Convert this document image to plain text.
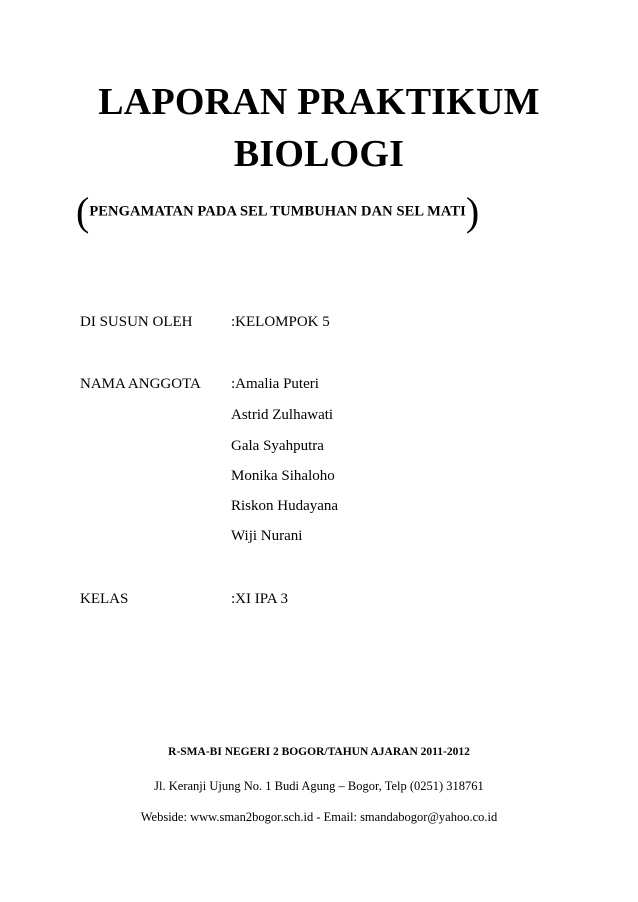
LAPORAN PRAKTIKUM
BIOLOGI
(PENGAMATAN PADA SEL TUMBUHAN DAN SEL MATI)
DI SUSUN OLEH	:KELOMPOK 5
NAMA ANGGOTA :Amalia Puteri
Astrid Zulhawati
Gala Syahputra
Monika Sihaloho
Riskon Hudayana
Wiji Nurani
KELAS	:XI IPA 3
R-SMA-BI NEGERI 2 BOGOR/TAHUN AJARAN 2011-2012
Jl. Keranji Ujung No. 1 Budi Agung – Bogor, Telp (0251) 318761
Webside: www.sman2bogor.sch.id - Email: smandabogor@yahoo.co.id
